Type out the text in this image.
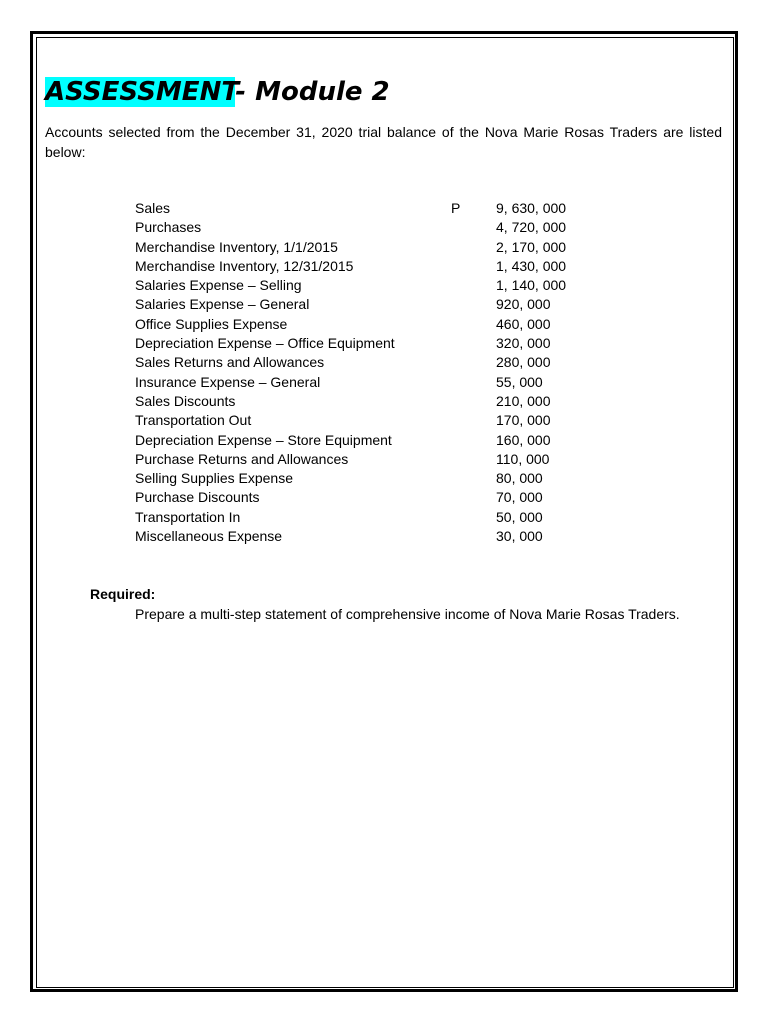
ASSESSMENT- Module 2

Accounts selected from the December 31, 2020 trial balance of the Nova Marie Rosas Traders are listed below:

Sales	P	9, 630, 000
Purchases		4, 720, 000
Merchandise Inventory, 1/1/2015		2, 170, 000
Merchandise Inventory, 12/31/2015		1, 430, 000
Salaries Expense – Selling		1, 140, 000
Salaries Expense – General		920, 000
Office Supplies Expense		460, 000
Depreciation Expense – Office Equipment		320, 000
Sales Returns and Allowances		280, 000
Insurance Expense – General		55, 000
Sales Discounts		210, 000
Transportation Out		170, 000
Depreciation Expense – Store Equipment		160, 000
Purchase Returns and Allowances		110, 000
Selling Supplies Expense		80, 000
Purchase Discounts		70, 000
Transportation In		50, 000
Miscellaneous Expense		30, 000

Required:

Prepare a multi-step statement of comprehensive income of Nova Marie Rosas Traders.
